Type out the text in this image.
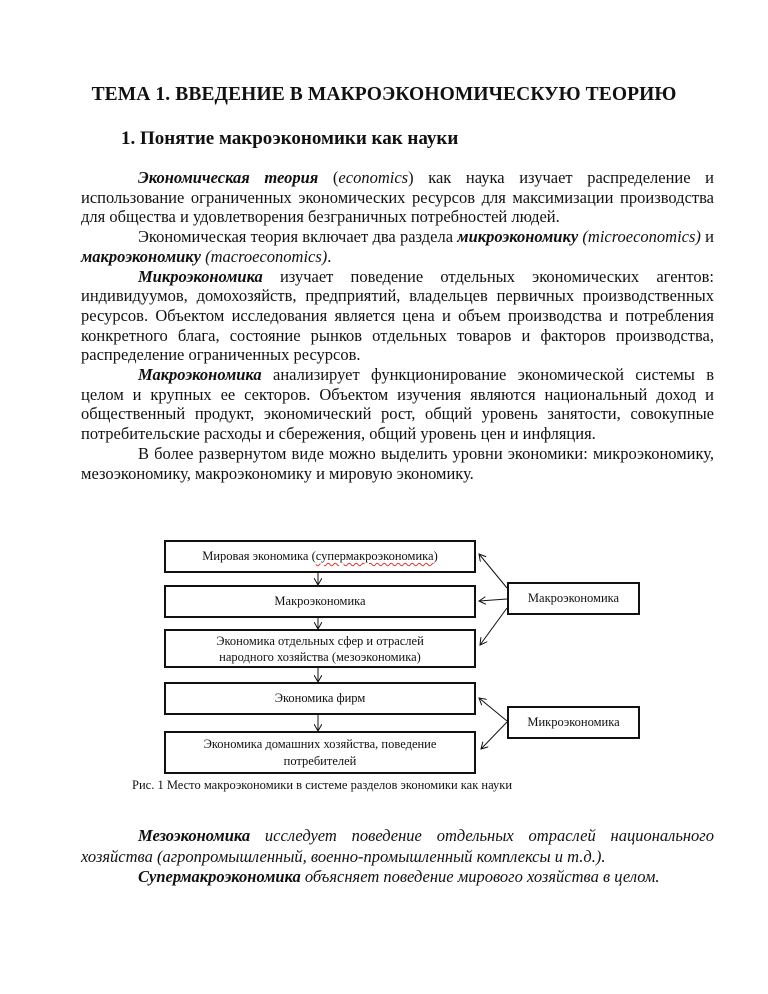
ТЕМА 1. ВВЕДЕНИЕ В МАКРОЭКОНОМИЧЕСКУЮ ТЕОРИЮ
1. Понятие макроэкономики как науки

Экономическая теория (economics) как наука изучает распределение и использование ограниченных экономических ресурсов для максимизации производства для общества и удовлетворения безграничных потребностей людей.

Экономическая теория включает два раздела микроэкономику (microeconomics) и макроэкономику (macroeconomics).

Микроэкономика изучает поведение отдельных экономических агентов: индивидуумов, домохозяйств, предприятий, владельцев первичных производственных ресурсов. Объектом исследования является цена и объем производства и потребления конкретного блага, состояние рынков отдельных товаров и факторов производства, распределение ограниченных ресурсов.

Макроэкономика анализирует функционирование экономической системы в целом и крупных ее секторов. Объектом изучения являются национальный доход и общественный продукт, экономический рост, общий уровень занятости, совокупные потребительские расходы и сбережения, общий уровень цен и инфляция.

В более развернутом виде можно выделить уровни экономики: микроэкономику, мезоэкономику, макроэкономику и мировую экономику.

Мировая экономика (супермакроэкономика)
Макроэкономика
Экономика отдельных сфер и отраслей
народного хозяйства (мезоэкономика)
Экономика фирм
Экономика домашних хозяйства, поведение
потребителей
Макроэкономика
Микроэкономика
Рис. 1 Место макроэкономики в системе разделов экономики как науки

Мезоэкономика исследует поведение отдельных отраслей национального хозяйства (агропромышленный, военно-промышленный комплексы и т.д.).

Супермакроэкономика объясняет поведение мирового хозяйства в целом.
